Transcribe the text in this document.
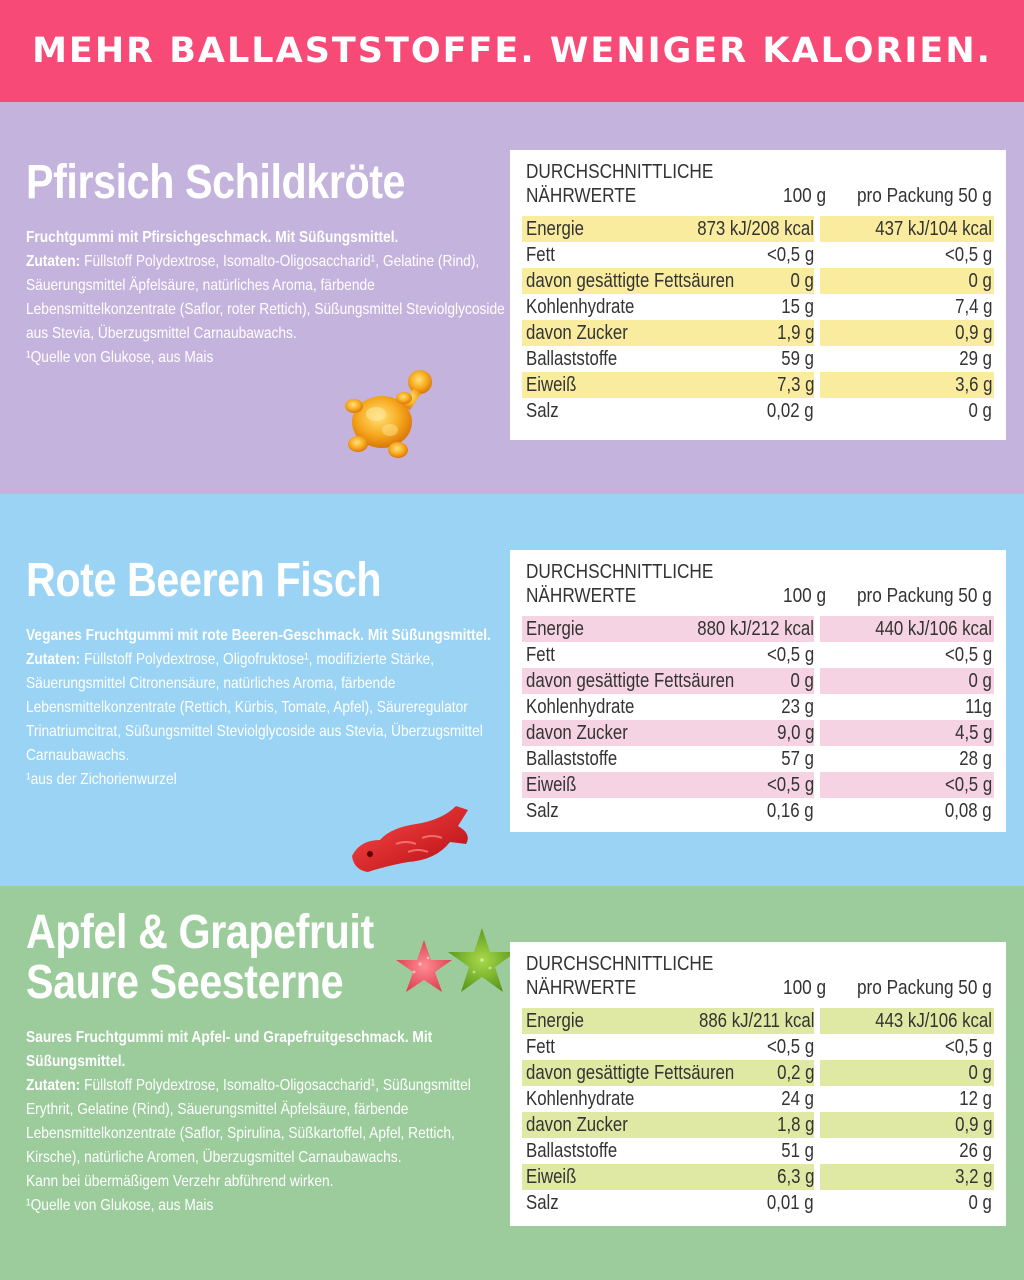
MEHR BALLASTSTOFFE. WENIGER KALORIEN.
Pfirsich Schildkröte
Fruchtgummi mit Pfirsichgeschmack. Mit Süßungsmittel.

Zutaten: Füllstoff Polydextrose, Isomalto-Oligosaccharid¹, Gelatine (Rind), Säuerungsmittel Äpfelsäure, natürliches Aroma, färbende Lebensmittelkonzentrate (Saflor, roter Rettich), Süßungsmittel Steviolglycoside aus Stevia, Überzugsmittel Carnaubawachs.

¹Quelle von Glukose, aus Mais

DURCHSCHNITTLICHE
NÄHRWERTE	100 g pro Packung 50 g
Energie	873 kJ/208 kcal	437 kJ/104 kcal
Fett	<0,5 g	<0,5 g
davon gesättigte Fettsäuren	0 g	0 g
Kohlenhydrate	15 g	7,4 g
davon Zucker	1,9 g	0,9 g
Ballaststoffe	59 g	29 g
Eiweiß	7,3 g	3,6 g
Salz	0,02 g	0 g
Rote Beeren Fisch
Veganes Fruchtgummi mit rote Beeren-Geschmack. Mit Süßungsmittel.

Zutaten: Füllstoff Polydextrose, Oligofruktose¹, modifizierte Stärke, Säuerungsmittel Citronensäure, natürliches Aroma, färbende Lebensmittelkonzentrate (Rettich, Kürbis, Tomate, Apfel), Säureregulator Trinatriumcitrat, Süßungsmittel Steviolglycoside aus Stevia, Überzugsmittel Carnaubawachs.

¹aus der Zichorienwurzel

DURCHSCHNITTLICHE
NÄHRWERTE	100 g pro Packung 50 g
Energie	880 kJ/212 kcal	440 kJ/106 kcal
Fett	<0,5 g	<0,5 g
davon gesättigte Fettsäuren	0 g	0 g
Kohlenhydrate	23 g	11g
davon Zucker	9,0 g	4,5 g
Ballaststoffe	57 g	28 g
Eiweiß	<0,5 g	<0,5 g
Salz	0,16 g	0,08 g
Apfel & Grapefruit
Saure Seesterne
Saures Fruchtgummi mit Apfel- und Grapefruitgeschmack. Mit Süßungsmittel.

Zutaten: Füllstoff Polydextrose, Isomalto-Oligosaccharid¹, Süßungsmittel Erythrit, Gelatine (Rind), Säuerungsmittel Äpfelsäure, färbende Lebensmittelkonzentrate (Saflor, Spirulina, Süßkartoffel, Apfel, Rettich, Kirsche), natürliche Aromen, Überzugsmittel Carnaubawachs.

Kann bei übermäßigem Verzehr abführend wirken.

¹Quelle von Glukose, aus Mais

DURCHSCHNITTLICHE
NÄHRWERTE	100 g pro Packung 50 g
Energie	886 kJ/211 kcal	443 kJ/106 kcal
Fett	<0,5 g	<0,5 g
davon gesättigte Fettsäuren 0,2 g	0 g
Kohlenhydrate	24 g	12 g
davon Zucker	1,8 g	0,9 g
Ballaststoffe	51 g	26 g
Eiweiß	6,3 g	3,2 g
Salz	0,01 g	0 g
